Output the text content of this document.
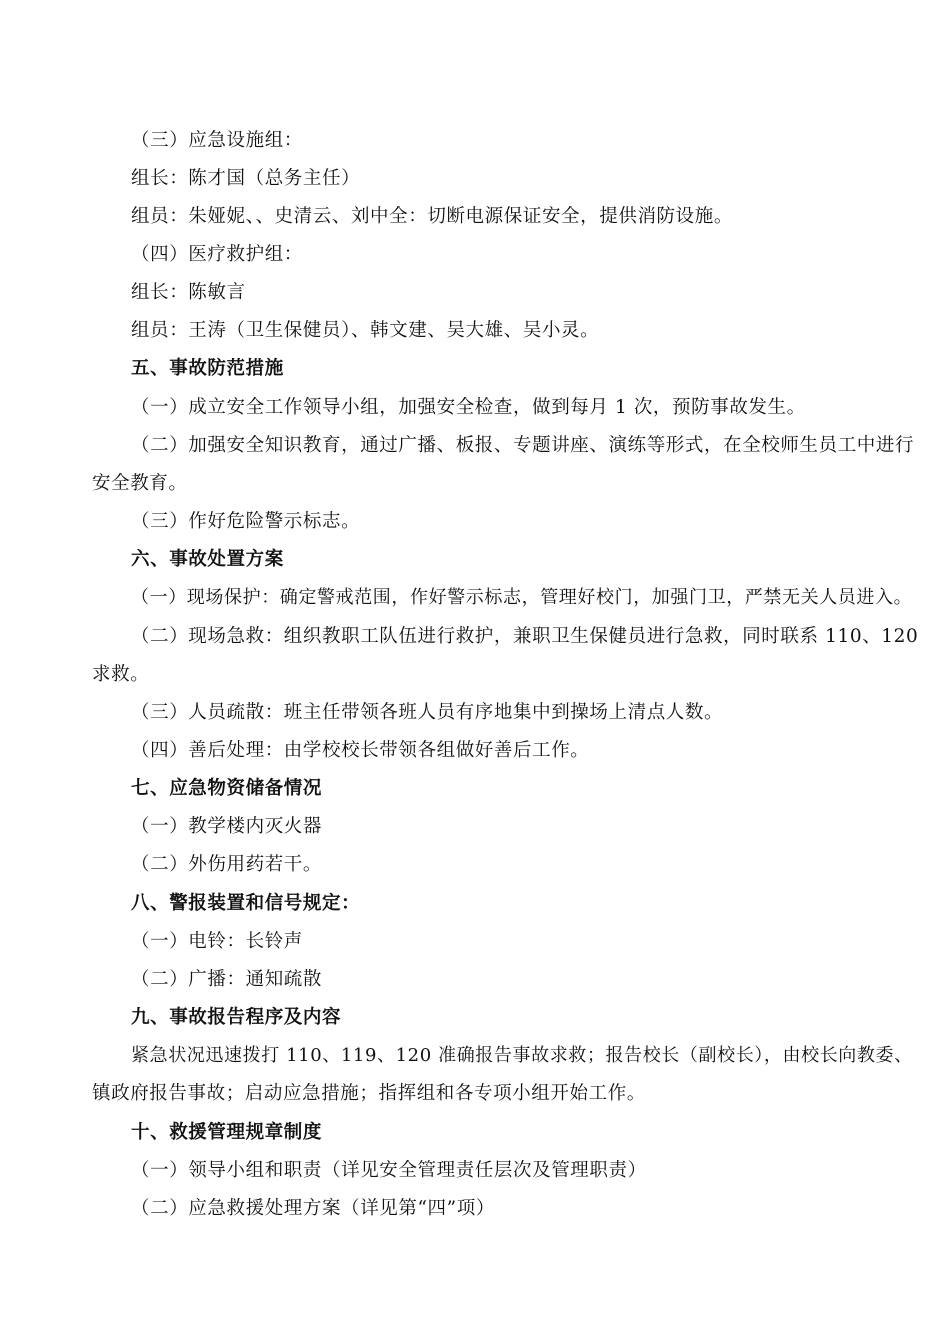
（三）应急设施组：
组长：陈才国（总务主任）
组员：朱娅妮、、史清云、刘中全：切断电源保证安全，提供消防设施。
（四）医疗救护组：
组长：陈敏言
组员：王涛（卫生保健员）、韩文建、吴大雄、吴小灵。
五、事故防范措施
（一）成立安全工作领导小组，加强安全检查，做到每月 1 次，预防事故发生。
（二）加强安全知识教育，通过广播、板报、专题讲座、演练等形式，在全校师生员工中进行
安全教育。
（三）作好危险警示标志。
六、事故处置方案
（一）现场保护：确定警戒范围，作好警示标志，管理好校门，加强门卫，严禁无关人员进入。
（二）现场急救：组织教职工队伍进行救护，兼职卫生保健员进行急救，同时联系 110、120
求救。
（三）人员疏散：班主任带领各班人员有序地集中到操场上清点人数。
（四）善后处理：由学校校长带领各组做好善后工作。
七、应急物资储备情况
（一）教学楼内灭火器
（二）外伤用药若干。
八、警报装置和信号规定：
（一）电铃：长铃声
（二）广播：通知疏散
九、事故报告程序及内容
紧急状况迅速拨打 110、119、120 准确报告事故求救；报告校长（副校长），由校长向教委、
镇政府报告事故；启动应急措施；指挥组和各专项小组开始工作。
十、救援管理规章制度
（一）领导小组和职责（详见安全管理责任层次及管理职责）
（二）应急救援处理方案（详见第“四”项）
